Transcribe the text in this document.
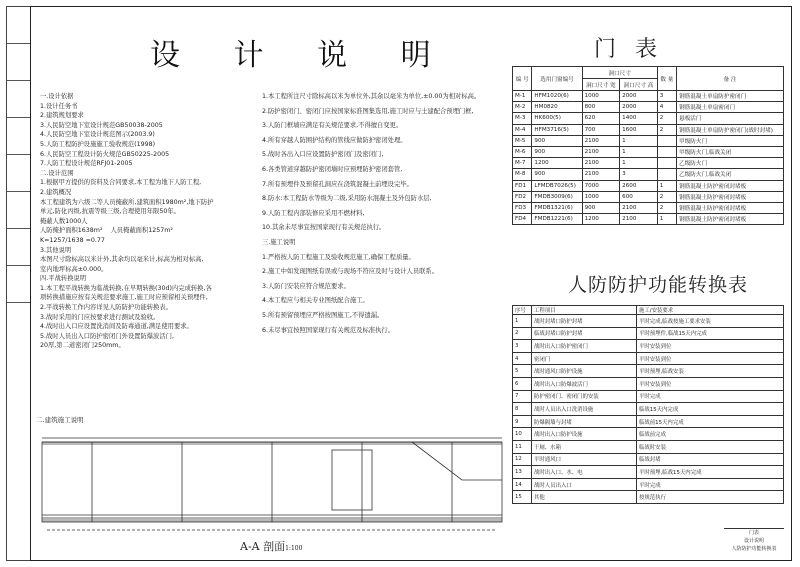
设 计 说 明	门 表
人防防护功能转换表

一.设计依据

1.设计任务书

2.建筑规划要求

3.人民防空地下室设计规范GB50038-2005

4.人民防空地下室设计规范图示(2003.9)

5.人防工程防护设施施工验收规范(1998)

6.人民防空工程设计防火规范GB50225-2005

7.人防工程设计规范RFJ01-2005

二.设计范围

1.根据甲方提供的资料及合同要求,本工程为地下人防工程,

2.建筑概况

本工程建筑为六级二等人员掩蔽所,建筑面积1980m²,地下防护

单元,防化丙级,抗震等级三级,合理使用年限50年。

掩蔽人数1000人

人防掩护面积1638m²    人员掩蔽面积1257m²

K=1257/1638 =0.77

3.其他说明

本图尺寸除标高以米计外,其余均以毫米计,标高为相对标高,

室内地坪标高±0.000。

四.平战转换说明

1.本工程平战转换为临战转换,在早期转换(30d)内完成转换,各

项转换措施应按有关规范要求施工,施工时应预留相关预埋件,

2.平战转换工作内容详见人防防护功能转换表。

3.战时采用的门应按要求进行测试及验收。

4.战时出入口应设置洗消间及防毒通道,满足使用要求。

5.战时人员出入口防护密闭门外设置防爆波活门,

20厚,第二道密闭门250mm。

1.本工程所注尺寸除标高以米为单位外,其余以毫米为单位,±0.00为相对标高。

2.防护密闭门、密闭门应按国家标准图集选用,施工时应与土建配合预埋门框,

3.人防门框墙应满足有关规范要求,不得擅自变更。

4.所有穿越人防围护结构的管线应做防护密闭处理。

5.战时各出入口应设置防护密闭门及密闭门,

6.各类管道穿越防护密闭墙时应预埋防护密闭套管,

7.所有预埋件及预留孔洞应在浇筑混凝土前埋设完毕。

8.防水:本工程防水等级为二级,采用防水混凝土及外包防水层,

9.人防工程内部装修应采用不燃材料,

10.其余未尽事宜按国家现行有关规范执行。

三.施工说明

1.严格按人防工程施工及验收规范施工,确保工程质量。

2.施工中如发现图纸有误或与现场不符应及时与设计人员联系。

3.人防门安装应符合规范要求。

4.本工程应与相关专业图纸配合施工。

5.所有预留预埋应严格按图施工,不得遗漏。

6.未尽事宜按照国家现行有关规范及标准执行。

编 号	选用门窗编号	洞口尺寸		数 量	备 注
		洞口尺寸 宽	洞口尺寸 高		
M-1	HFM1020(6)	1000	2000	3	钢筋混凝土单扇防护密闭门
M-2	HM0820	800	2000	4	钢筋混凝土单扇密闭门
M-3	HK600(5)	620	1400	2	悬板活门
M-4	HFM3716(5)	700	1600	2	钢筋混凝土单扇防护密闭门(战时封堵)
M-5	900	2100	1		甲级防火门
M-6	900	2100	1		甲级防火门,临战关闭
M-7	1200	2100	1		乙级防火门
M-8	900	2100	3		乙级防火门,临战关闭
FD1	LFMDB7026(5)	7000	2600	1	钢筋混凝土防护密闭封堵板
FD2	FMDB3009(6)	1000	600	2	钢筋混凝土防护密闭封堵板
FD3	FMDB1321(6)	900	2100	2	钢筋混凝土防护密闭封堵板
FD4	FMDB1221(6)	1200	2100	1	钢筋混凝土防护密闭封堵板
序号	工程项目	施工/安装要求
1	战时封堵口防护封堵	平时完成,临战按施工要求安装
2	临战封堵口防护封堵	平时预埋件,临战15天内完成
3	战时出入口防护密闭门	平时安装到位
4	密闭门	平时安装到位
5	战时通风口防护设施	平时预埋,临战安装
6	战时出入口防爆波活门	平时安装到位
7	防护密闭门、密闭门的安装	平时完成
8	战时人员出入口洗消设施	临战15天内完成
9	防爆隔墙与封堵	临战前15天内完成
10	战时出入口防护设施	临战前完成
11	干厕、水箱	临战时安装
12	平时通风口	临战封堵
13	战时出入口、水、电	平时预埋,临战15天内完成
14	战时人员出入口	平时完成
15	其他	按规范执行
二.建筑施工说明
A-A 剖面1:100
门表
设计说明
人防防护功能转换表
